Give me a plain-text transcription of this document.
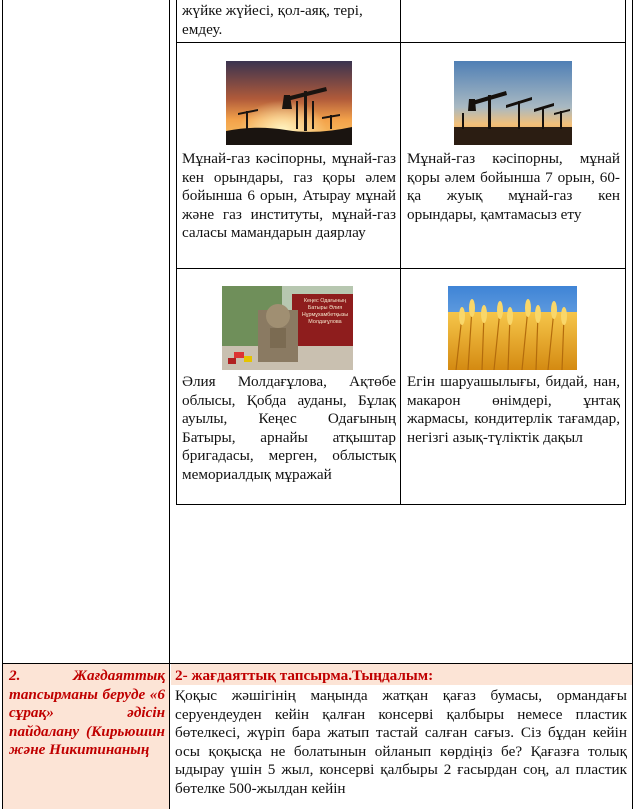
жүйке жүйесі, қол-аяқ, тері, емдеу.
Мұнай-газ кәсіпорны, мұнай-газ кен орындары, газ қоры әлем бойынша 6 орын, Атырау мұнай және газ институты, мұнай-газ саласы мамандарын даярлау
Мұнай-газ кәсіпорны, мұнай қоры әлем бойынша 7 орын, 60-қа жуық мұнай-газ кен орындары, қамтамасыз ету
Кеңес Одағының
Батыры Әлия
Нұрмұхамбетқызы
Молдағұлова
Әлия Молдағұлова, Ақтөбе облысы, Қобда ауданы, Бұлақ ауылы, Кеңес Одағының Батыры, арнайы атқыштар бригадасы, мерген, облыстық мемориалдық мұражай
Егін шаруашылығы, бидай, нан, макарон өнімдері, ұнтақ жармасы, кондитерлік тағамдар, негізгі азық-түліктік дақыл
2. Жағдаяттық тапсырманы беруде «6 сұрақ» әдісін пайдалану (Кирьюшин және Никитинаның
2- жағдаяттық тапсырма.Тыңдалым:
Қоқыс жәшігінің маңында жатқан қағаз бумасы, ормандағы серуендеуден кейін қалған консерві қалбыры немесе пластик бөтелкесі, жүріп бара жатып тастай салған сағыз. Сіз бұдан кейін осы қоқысқа не болатынын ойланып көрдіңіз бе? Қағазға толық ыдырау үшін 5 жыл, консерві қалбыры 2 ғасырдан соң, ал пластик бөтелке 500-жылдан кейін
